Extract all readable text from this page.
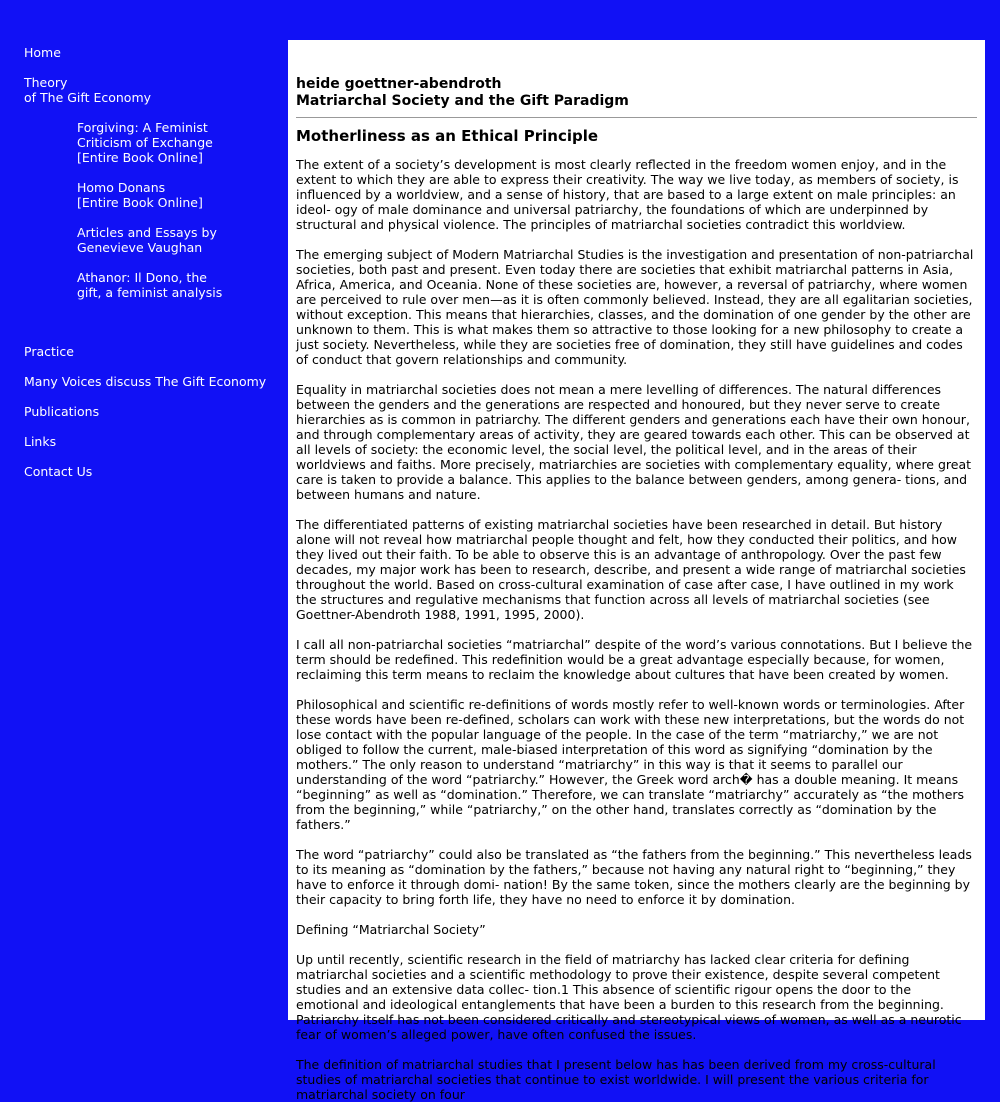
Home
Theory
of The Gift Economy
Forgiving: A Feminist
Criticism of Exchange
[Entire Book Online]
Homo Donans
[Entire Book Online]
Articles and Essays by
Genevieve Vaughan
Athanor: Il Dono, the
gift, a feminist analysis
Practice
Many Voices discuss The Gift Economy
Publications
Links
Contact Us
heide goettner-abendroth
Matriarchal Society and the Gift Paradigm
Motherliness as an Ethical Principle

The extent of a society’s development is most clearly reflected in the freedom women enjoy, and in the extent to which they are able to express their creativity. The way we live today, as members of society, is influenced by a worldview, and a sense of history, that are based to a large extent on male principles: an ideol- ogy of male dominance and universal patriarchy, the foundations of which are underpinned by structural and physical violence. The principles of matriarchal societies contradict this worldview.

The emerging subject of Modern Matriarchal Studies is the investigation and presentation of non-patriarchal societies, both past and present. Even today there are societies that exhibit matriarchal patterns in Asia, Africa, America, and Oceania. None of these societies are, however, a reversal of patriarchy, where women are perceived to rule over men—as it is often commonly believed. Instead, they are all egalitarian societies, without exception. This means that hierarchies, classes, and the domination of one gender by the other are unknown to them. This is what makes them so attractive to those looking for a new philosophy to create a just society. Nevertheless, while they are societies free of domination, they still have guidelines and codes of conduct that govern relationships and community.

Equality in matriarchal societies does not mean a mere levelling of differences. The natural differences between the genders and the generations are respected and honoured, but they never serve to create hierarchies as is common in patriarchy. The different genders and generations each have their own honour, and through complementary areas of activity, they are geared towards each other. This can be observed at all levels of society: the economic level, the social level, the political level, and in the areas of their worldviews and faiths. More precisely, matriarchies are societies with complementary equality, where great care is taken to provide a balance. This applies to the balance between genders, among genera- tions, and between humans and nature.

The differentiated patterns of existing matriarchal societies have been researched in detail. But history alone will not reveal how matriarchal people thought and felt, how they conducted their politics, and how they lived out their faith. To be able to observe this is an advantage of anthropology. Over the past few decades, my major work has been to research, describe, and present a wide range of matriarchal societies throughout the world. Based on cross-cultural examination of case after case, I have outlined in my work the structures and regulative mechanisms that function across all levels of matriarchal societies (see Goettner-Abendroth 1988, 1991, 1995, 2000).

I call all non-patriarchal societies “matriarchal” despite of the word’s various connotations. But I believe the term should be redefined. This redefinition would be a great advantage especially because, for women, reclaiming this term means to reclaim the knowledge about cultures that have been created by women.

Philosophical and scientific re-definitions of words mostly refer to well-known words or terminologies. After these words have been re-defined, scholars can work with these new interpretations, but the words do not lose contact with the popular language of the people. In the case of the term “matriarchy,” we are not obliged to follow the current, male-biased interpretation of this word as signifying “domination by the mothers.” The only reason to understand “matriarchy” in this way is that it seems to parallel our understanding of the word “patriarchy.” However, the Greek word arch� has a double meaning. It means “beginning” as well as “domination.” Therefore, we can translate “matriarchy” accurately as “the mothers from the beginning,” while “patriarchy,” on the other hand, translates correctly as “domination by the fathers.”

The word “patriarchy” could also be translated as “the fathers from the beginning.” This nevertheless leads to its meaning as “domination by the fathers,” because not having any natural right to “beginning,” they have to enforce it through domi- nation! By the same token, since the mothers clearly are the beginning by their capacity to bring forth life, they have no need to enforce it by domination.

Defining “Matriarchal Society”

Up until recently, scientific research in the field of matriarchy has lacked clear criteria for defining matriarchal societies and a scientific methodology to prove their existence, despite several competent studies and an extensive data collec- tion.1 This absence of scientific rigour opens the door to the emotional and ideological entanglements that have been a burden to this research from the beginning. Patriarchy itself has not been considered critically and stereotypical views of women, as well as a neurotic fear of women’s alleged power, have often confused the issues.

The definition of matriarchal studies that I present below has has been derived from my cross-cultural studies of matriarchal societies that continue to exist worldwide. I will present the various criteria for matriarchal society on four
